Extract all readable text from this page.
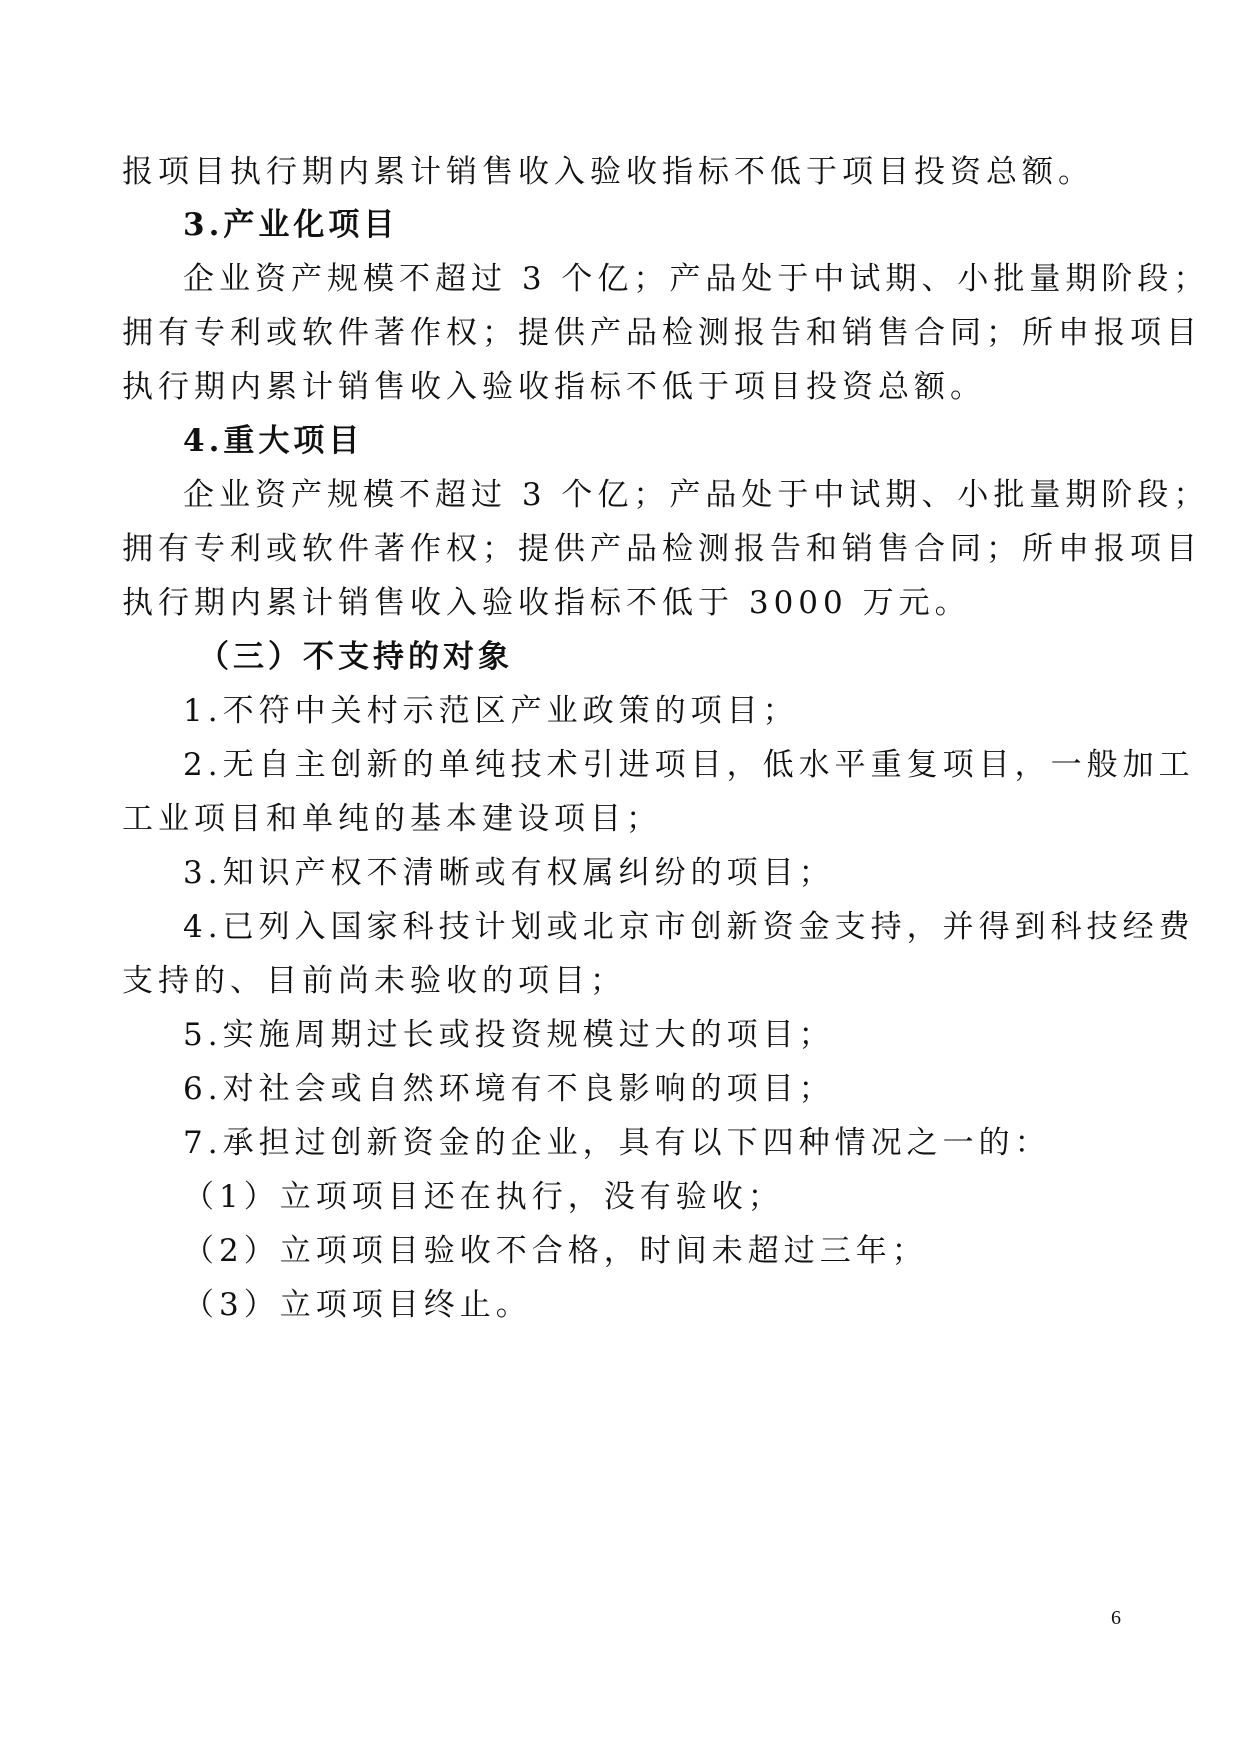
报项目执行期内累计销售收入验收指标不低于项目投资总额。
3.产业化项目
企业资产规模不超过 3 个亿；产品处于中试期、小批量期阶段；
拥有专利或软件著作权；提供产品检测报告和销售合同；所申报项目
执行期内累计销售收入验收指标不低于项目投资总额。
4.重大项目
企业资产规模不超过 3 个亿；产品处于中试期、小批量期阶段；
拥有专利或软件著作权；提供产品检测报告和销售合同；所申报项目
执行期内累计销售收入验收指标不低于 3000 万元。
（三）不支持的对象
1.不符中关村示范区产业政策的项目；
2.无自主创新的单纯技术引进项目，低水平重复项目，一般加工
工业项目和单纯的基本建设项目；
3.知识产权不清晰或有权属纠纷的项目；
4.已列入国家科技计划或北京市创新资金支持，并得到科技经费
支持的、目前尚未验收的项目；
5.实施周期过长或投资规模过大的项目；
6.对社会或自然环境有不良影响的项目；
7.承担过创新资金的企业，具有以下四种情况之一的：
（1）立项项目还在执行，没有验收；
（2）立项项目验收不合格，时间未超过三年；
（3）立项项目终止。
6
